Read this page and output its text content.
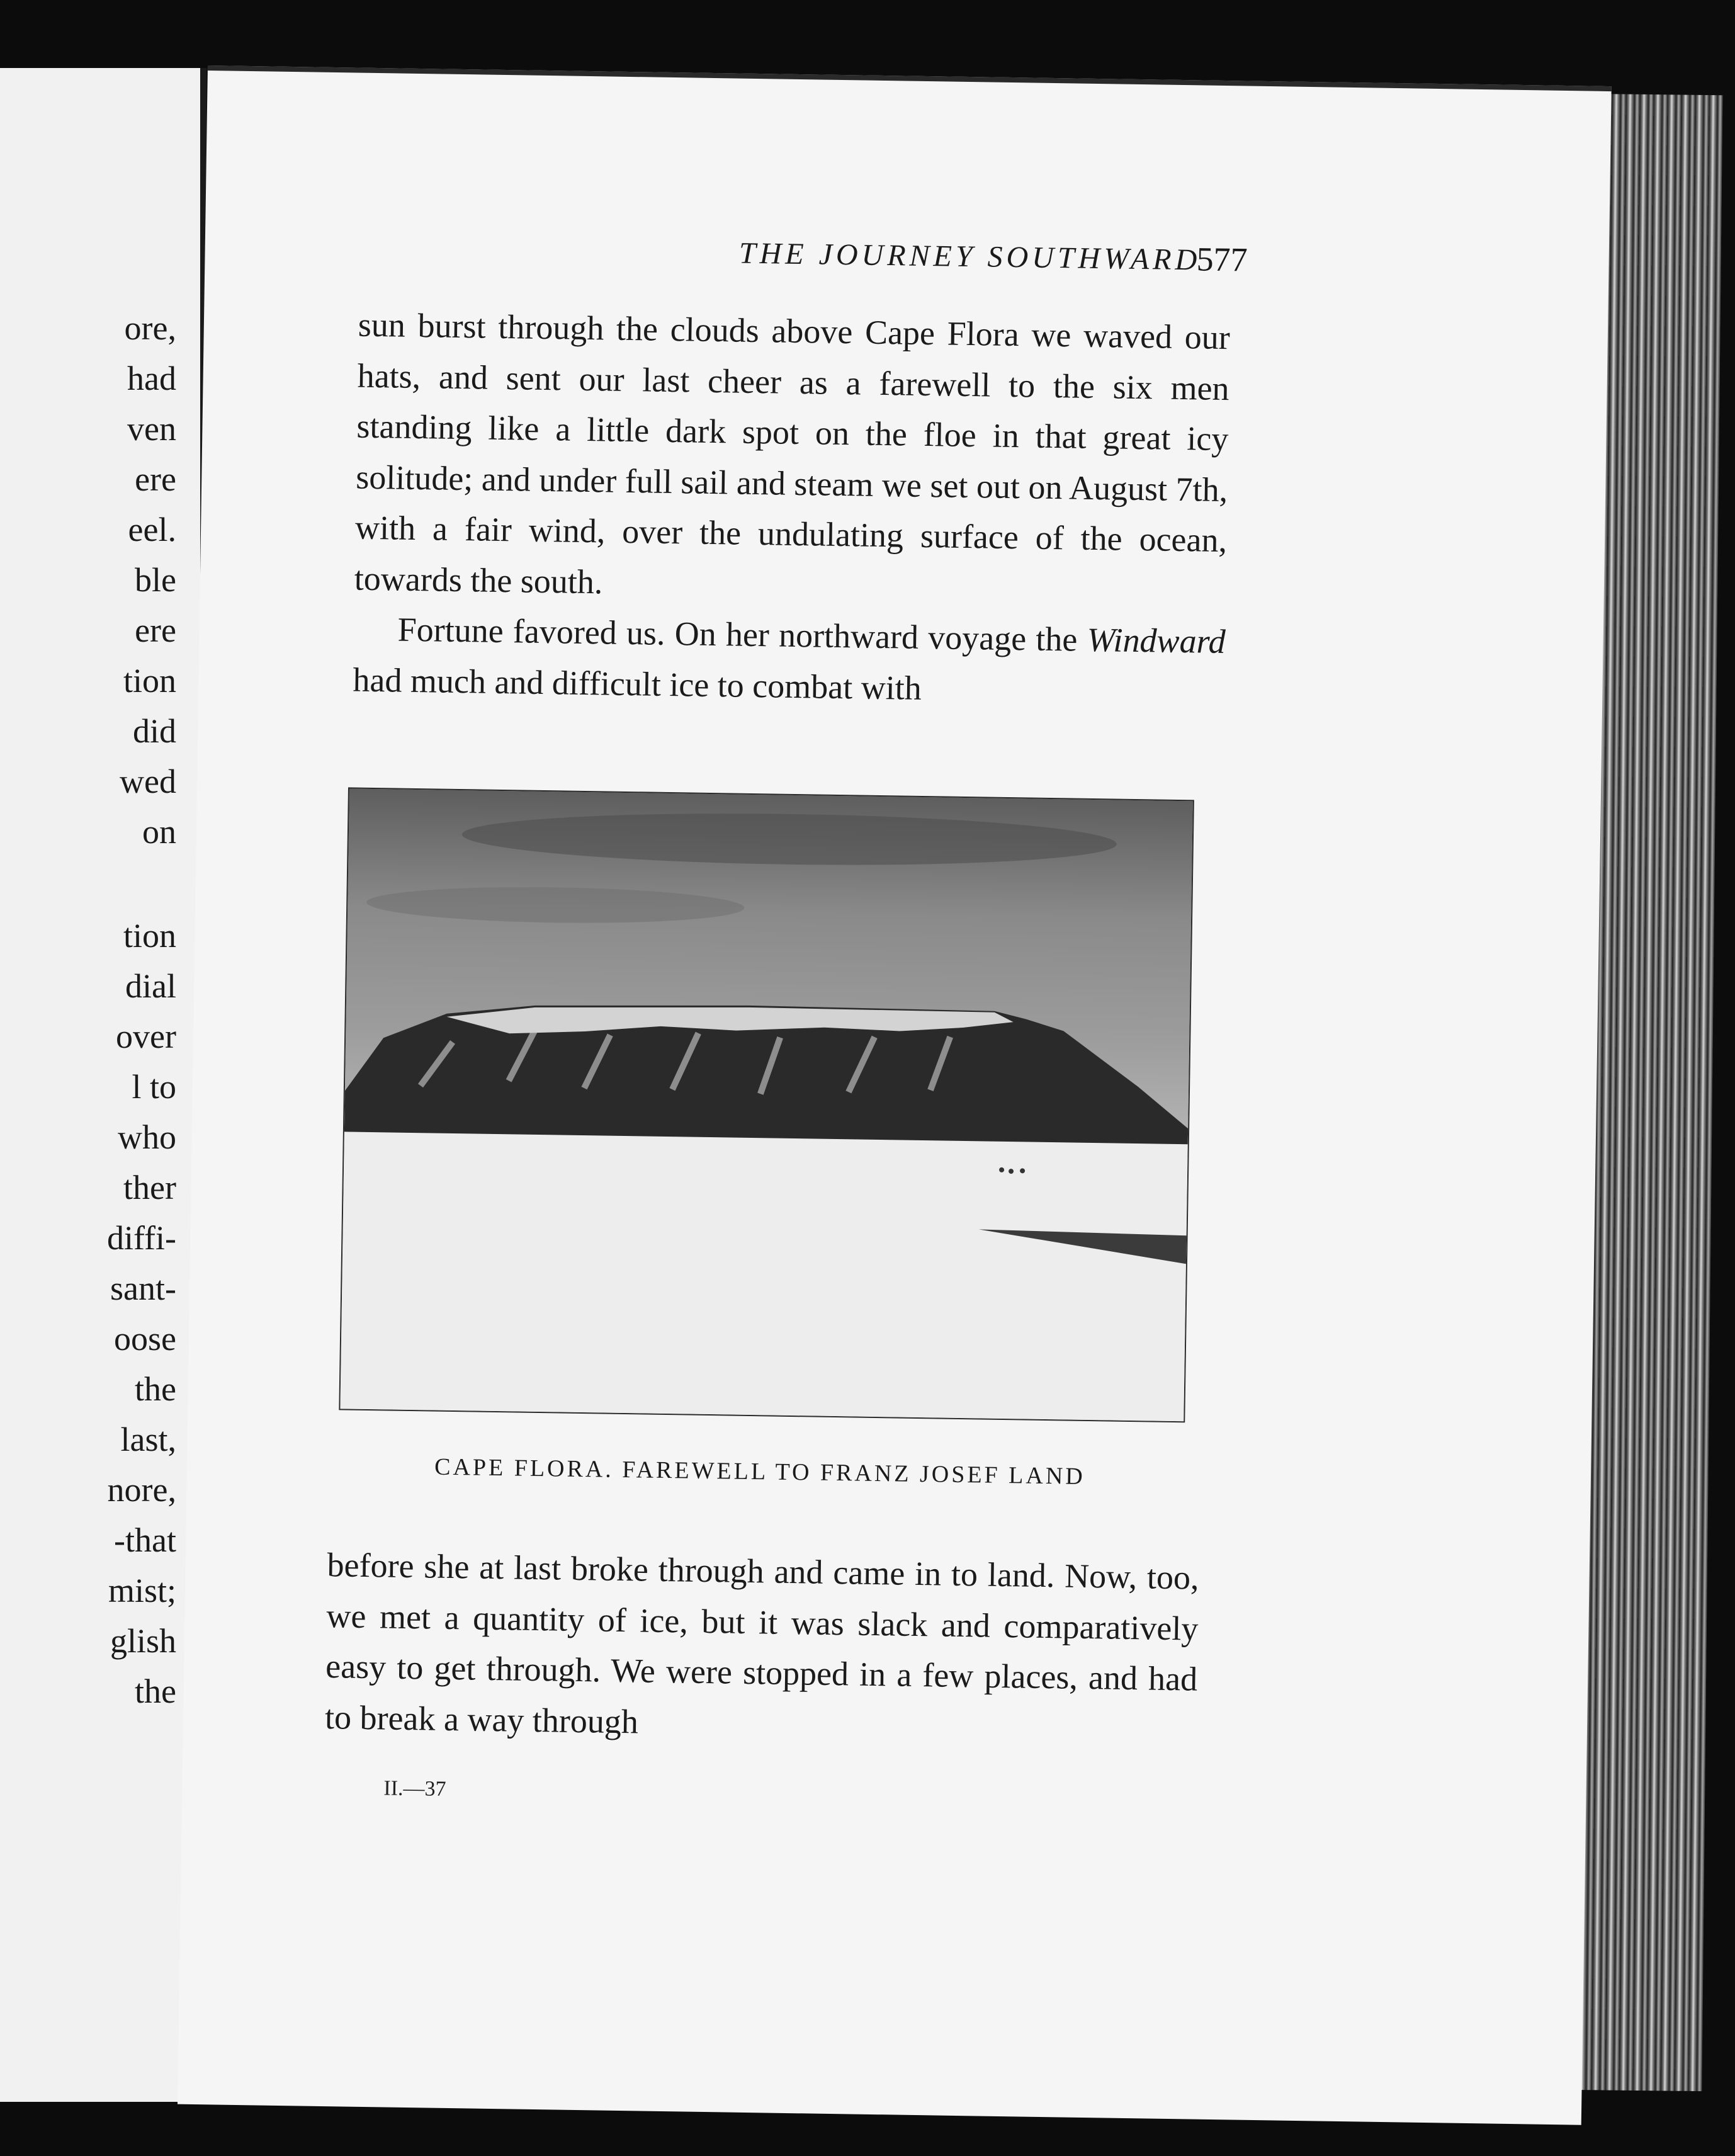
ore,
had
ven
ere
eel.
ble
ere
tion
did
wed
on
tion
dial
over
l to
who
ther
diffi-
sant-
oose
the
last,
nore,
-that
mist;
glish
the
THE JOURNEY SOUTHWARD
577

sun burst through the clouds above Cape Flora we waved our hats, and sent our last cheer as a farewell to the six men standing like a little dark spot on the floe in that great icy solitude; and under full sail and steam we set out on August 7th, with a fair wind, over the undulating surface of the ocean, towards the south.

Fortune favored us. On her northward voyage the Windward had much and difficult ice to combat with

CAPE FLORA. FAREWELL TO FRANZ JOSEF LAND

before she at last broke through and came in to land. Now, too, we met a quantity of ice, but it was slack and comparatively easy to get through. We were stopped in a few places, and had to break a way through

II.—37
